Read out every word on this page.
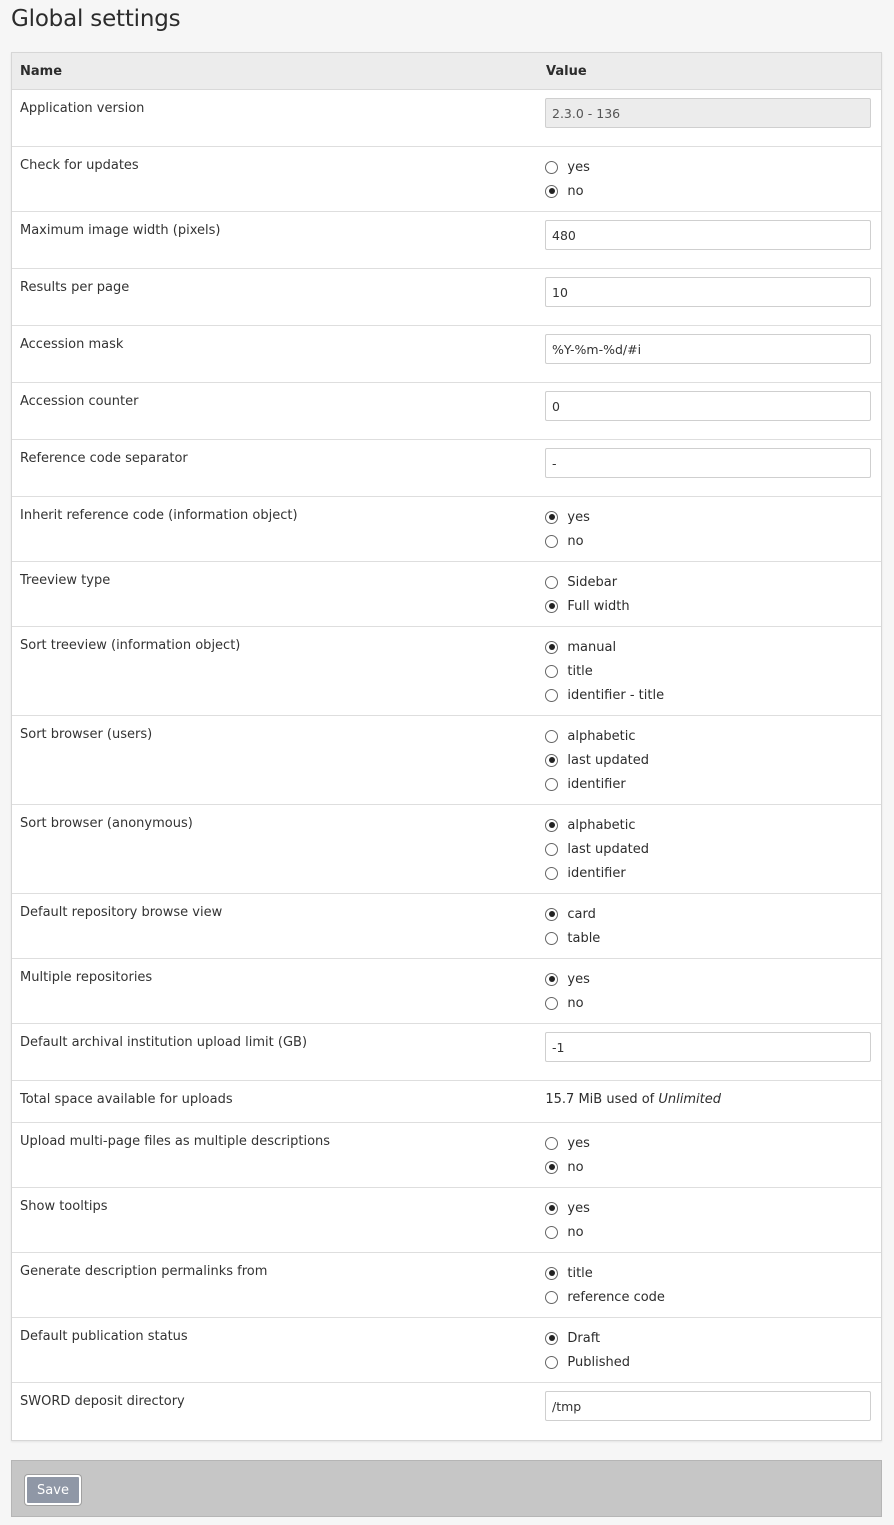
Global settings
Name	Value
Application version	2.3.0 - 136
Check for updates	yes
no
Maximum image width (pixels)	480
Results per page	10
Accession mask	%Y-%m-%d/#i
Accession counter	0
Reference code separator	-
Inherit reference code (information object)	yes
no
Treeview type	Sidebar
Full width
Sort treeview (information object)	manual
title
identifier - title
Sort browser (users)	alphabetic
last updated
identifier
Sort browser (anonymous)	alphabetic
last updated
identifier
Default repository browse view	card
table
Multiple repositories	yes
no
Default archival institution upload limit (GB)	-1
Total space available for uploads	15.7 MiB used of Unlimited
Upload multi-page files as multiple descriptions	yes
no
Show tooltips	yes
no
Generate description permalinks from	title
reference code
Default publication status	Draft
Published
SWORD deposit directory	/tmp
Save
